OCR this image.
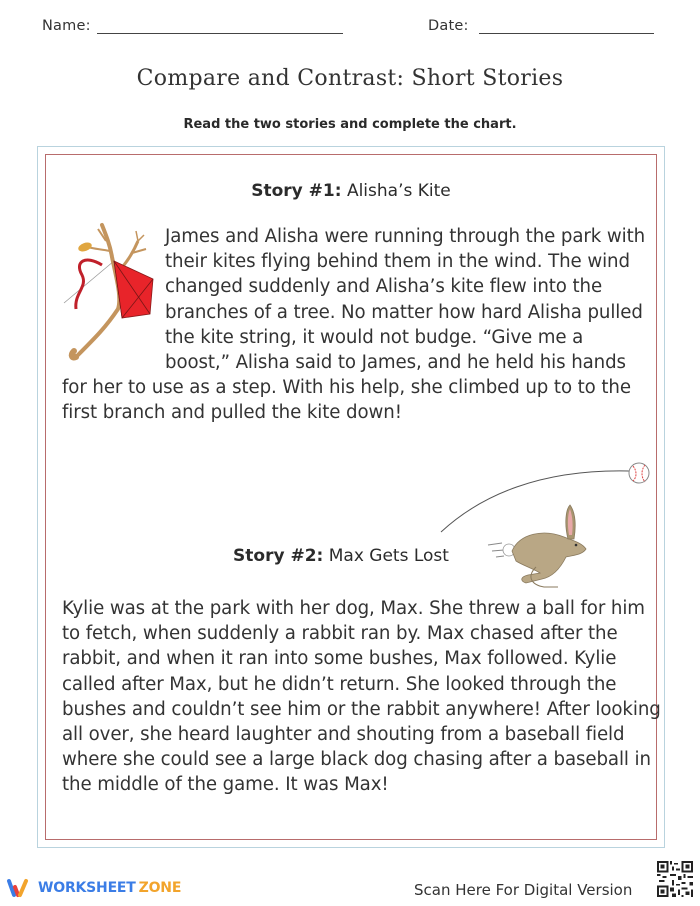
Name:	Date:
Compare and Contrast: Short Stories
Read the two stories and complete the chart.
Story #1: Alisha’s Kite
James and Alisha were running through the park with their kites flying behind them in the wind. The wind changed suddenly and Alisha’s kite flew into the branches of a tree. No matter how hard Alisha pulled the kite string, it would not budge. “Give me a boost,” Alisha said to James, and he held his hands for her to use as a step. With his help, she climbed up to to the first branch and pulled the kite down!
Story #2: Max Gets Lost
Kylie was at the park with her dog, Max. She threw a ball for him to fetch, when suddenly a rabbit ran by. Max chased after the rabbit, and when it ran into some bushes, Max followed. Kylie called after Max, but he didn’t return. She looked through the bushes and couldn’t see him or the rabbit anywhere! After looking all over, she heard laughter and shouting from a baseball field where she could see a large black dog chasing after a baseball in the middle of the game. It was Max!
WORKSHEET ZONE	Scan Here For Digital Version
